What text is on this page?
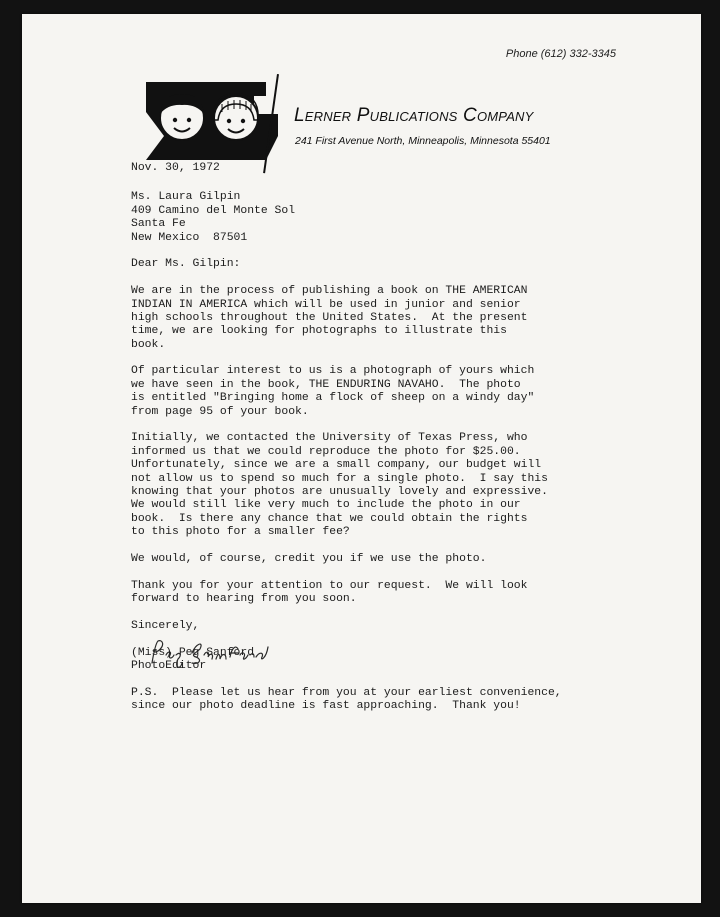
Phone (612) 332-3345
Lerner Publications Company
241 First Avenue North, Minneapolis, Minnesota 55401
Nov. 30, 1972
Ms. Laura Gilpin
409 Camino del Monte Sol
Santa Fe
New Mexico  87501
Dear Ms. Gilpin:
We are in the process of publishing a book on THE AMERICAN
INDIAN IN AMERICA which will be used in junior and senior
high schools throughout the United States.  At the present
time, we are looking for photographs to illustrate this
book.
Of particular interest to us is a photograph of yours which
we have seen in the book, THE ENDURING NAVAHO.  The photo
is entitled "Bringing home a flock of sheep on a windy day"
from page 95 of your book.
Initially, we contacted the University of Texas Press, who
informed us that we could reproduce the photo for $25.00.
Unfortunately, since we are a small company, our budget will
not allow us to spend so much for a single photo.  I say this
knowing that your photos are unusually lovely and expressive.
We would still like very much to include the photo in our
book.  Is there any chance that we could obtain the rights
to this photo for a smaller fee?
We would, of course, credit you if we use the photo.
Thank you for your attention to our request.  We will look
forward to hearing from you soon.
Sincerely,
(Miss) Peg Sanford
PhotoEditor
P.S.  Please let us hear from you at your earliest convenience,
since our photo deadline is fast approaching.  Thank you!
